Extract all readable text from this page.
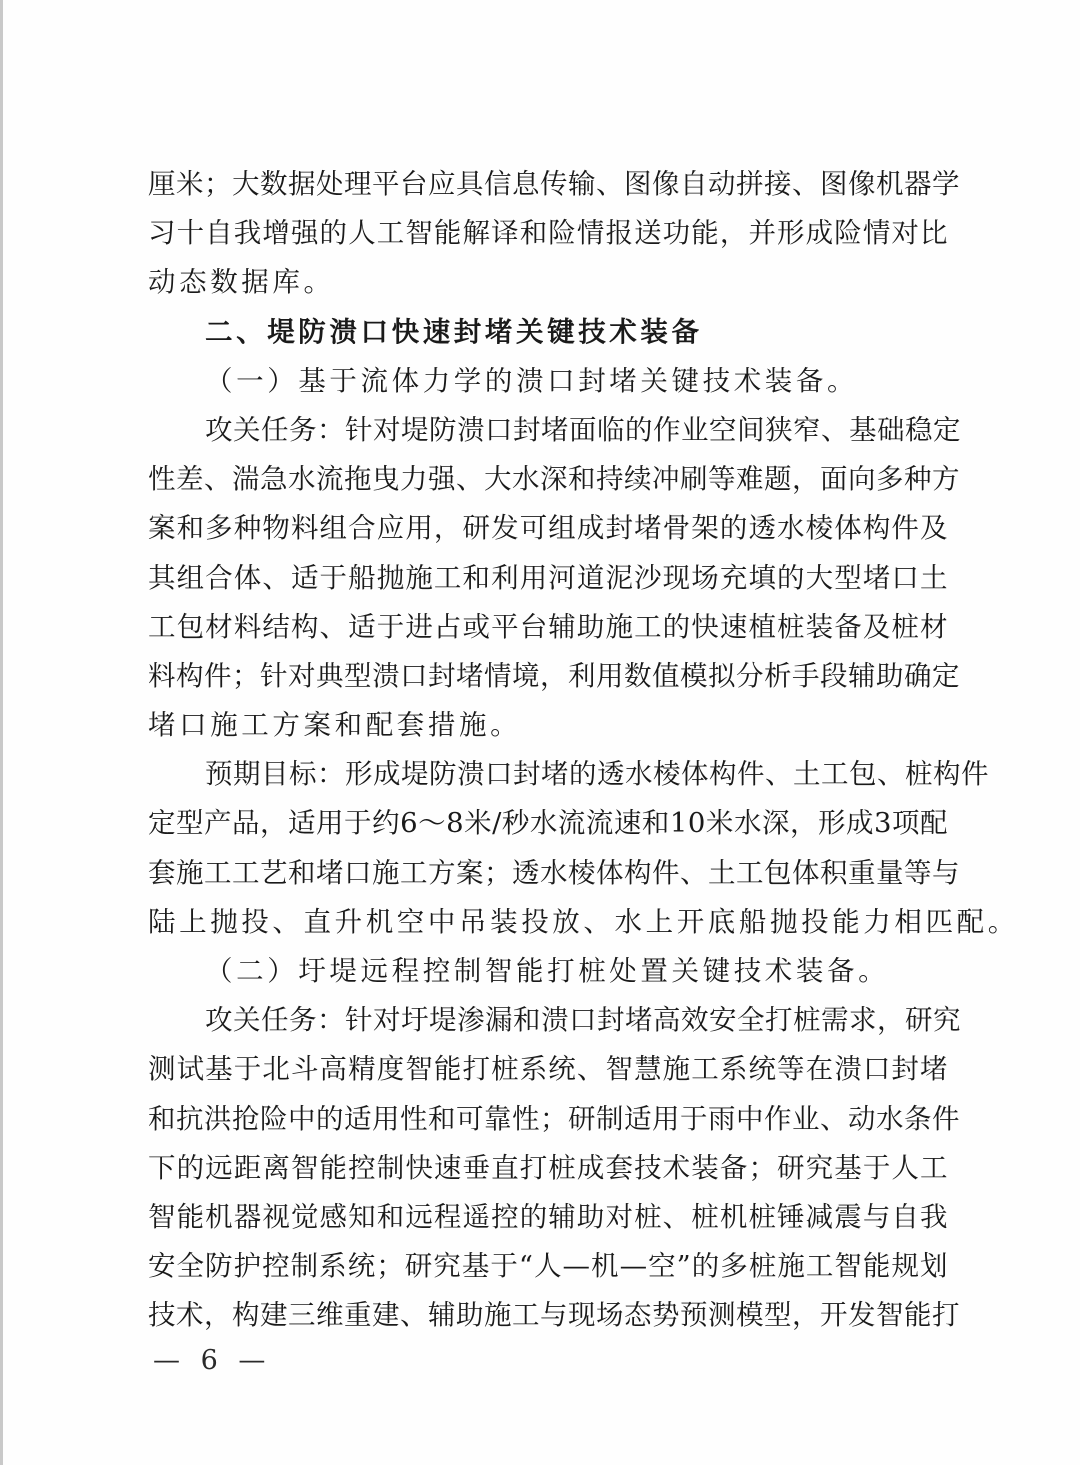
厘米；大数据处理平台应具信息传输、图像自动拼接、图像机器学
习十自我增强的人工智能解译和险情报送功能，并形成险情对比
动态数据库。
二、堤防溃口快速封堵关键技术装备
（一）基于流体力学的溃口封堵关键技术装备。
攻关任务：针对堤防溃口封堵面临的作业空间狭窄、基础稳定
性差、湍急水流拖曳力强、大水深和持续冲刷等难题，面向多种方
案和多种物料组合应用，研发可组成封堵骨架的透水棱体构件及
其组合体、适于船抛施工和利用河道泥沙现场充填的大型堵口土
工包材料结构、适于进占或平台辅助施工的快速植桩装备及桩材
料构件；针对典型溃口封堵情境，利用数值模拟分析手段辅助确定
堵口施工方案和配套措施。
预期目标：形成堤防溃口封堵的透水棱体构件、土工包、桩构件
定型产品，适用于约6～8米/秒水流流速和10米水深，形成3项配
套施工工艺和堵口施工方案；透水棱体构件、土工包体积重量等与
陆上抛投、直升机空中吊装投放、水上开底船抛投能力相匹配。
（二）圩堤远程控制智能打桩处置关键技术装备。
攻关任务：针对圩堤渗漏和溃口封堵高效安全打桩需求，研究
测试基于北斗高精度智能打桩系统、智慧施工系统等在溃口封堵
和抗洪抢险中的适用性和可靠性；研制适用于雨中作业、动水条件
下的远距离智能控制快速垂直打桩成套技术装备；研究基于人工
智能机器视觉感知和远程遥控的辅助对桩、桩机桩锤减震与自我
安全防护控制系统；研究基于“人—机—空”的多桩施工智能规划
技术，构建三维重建、辅助施工与现场态势预测模型，开发智能打
— 6 —
